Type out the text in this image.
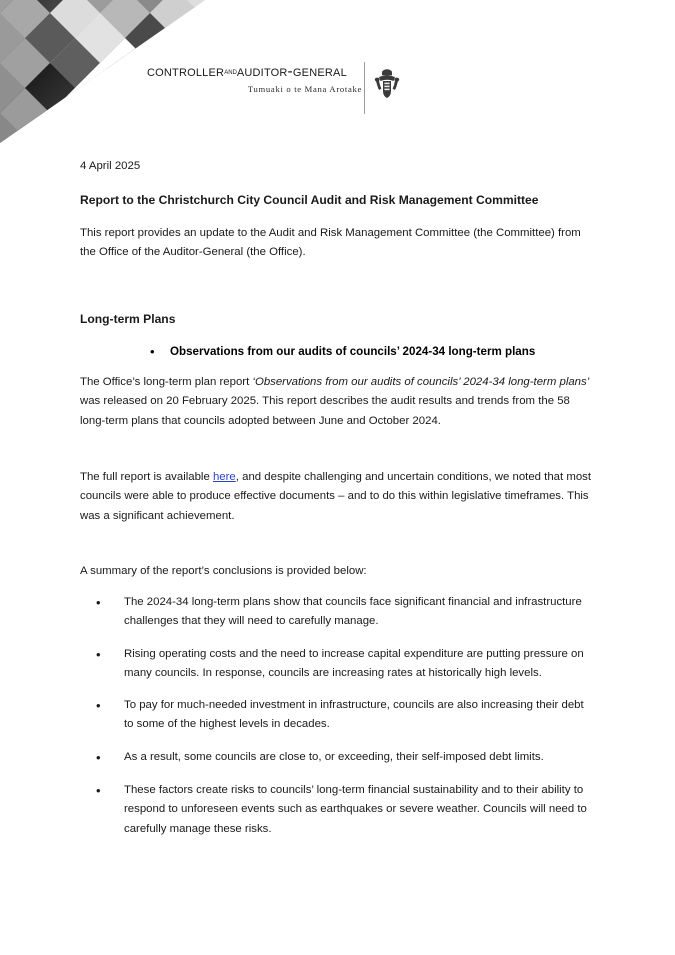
controllerandauditor-general
Tumuaki o te Mana Arotake
4 April 2025
Report to the Christchurch City Council Audit and Risk Management Committee
This report provides an update to the Audit and Risk Management Committee (the Committee) from the Office of the Auditor-General (the Office).
Long-term Plans
• Observations from our audits of councils’ 2024-34 long-term plans
The Office’s long-term plan report ‘Observations from our audits of councils’ 2024-34 long-term plans’ was released on 20 February 2025. This report describes the audit results and trends from the 58 long-term plans that councils adopted between June and October 2024.
The full report is available here, and despite challenging and uncertain conditions, we noted that most councils were able to produce effective documents – and to do this within legislative timeframes. This was a significant achievement.
A summary of the report’s conclusions is provided below:
•	The 2024-34 long-term plans show that councils face significant financial and infrastructure challenges that they will need to carefully manage.
•	Rising operating costs and the need to increase capital expenditure are putting pressure on many councils. In response, councils are increasing rates at historically high levels.
•	To pay for much-needed investment in infrastructure, councils are also increasing their debt to some of the highest levels in decades.
•	As a result, some councils are close to, or exceeding, their self-imposed debt limits.
•	These factors create risks to councils’ long-term financial sustainability and to their ability to respond to unforeseen events such as earthquakes or severe weather. Councils will need to carefully manage these risks.
